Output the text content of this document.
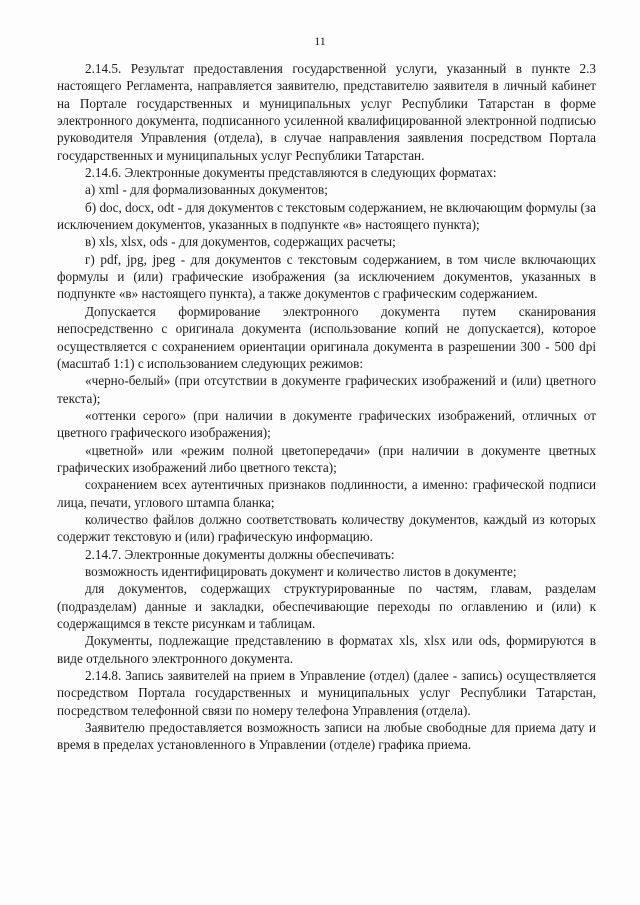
11

2.14.5. Результат предоставления государственной услуги, указанный в пункте 2.3 настоящего Регламента, направляется заявителю, представителю заявителя в личный кабинет на Портале государственных и муниципальных услуг Республики Татарстан в форме электронного документа, подписанного усиленной квалифицированной электронной подписью руководителя Управления (отдела), в случае направления заявления посредством Портала государственных и муниципальных услуг Республики Татарстан.

2.14.6. Электронные документы представляются в следующих форматах:

а) xml - для формализованных документов;

б) doc, docx, odt - для документов с текстовым содержанием, не включающим формулы (за исключением документов, указанных в подпункте «в» настоящего пункта);

в) xls, xlsx, ods - для документов, содержащих расчеты;

г) pdf, jpg, jpeg - для документов с текстовым содержанием, в том числе включающих формулы и (или) графические изображения (за исключением документов, указанных в подпункте «в» настоящего пункта), а также документов с графическим содержанием.

Допускается формирование электронного документа путем сканирования непосредственно с оригинала документа (использование копий не допускается), которое осуществляется с сохранением ориентации оригинала документа в разрешении 300 - 500 dpi (масштаб 1:1) с использованием следующих режимов:

«черно-белый» (при отсутствии в документе графических изображений и (или) цветного текста);

«оттенки серого» (при наличии в документе графических изображений, отличных от цветного графического изображения);

«цветной» или «режим полной цветопередачи» (при наличии в документе цветных графических изображений либо цветного текста);

сохранением всех аутентичных признаков подлинности, а именно: графической подписи лица, печати, углового штампа бланка;

количество файлов должно соответствовать количеству документов, каждый из которых содержит текстовую и (или) графическую информацию.

2.14.7. Электронные документы должны обеспечивать:

возможность идентифицировать документ и количество листов в документе;

для документов, содержащих структурированные по частям, главам, разделам (подразделам) данные и закладки, обеспечивающие переходы по оглавлению и (или) к содержащимся в тексте рисункам и таблицам.

Документы, подлежащие представлению в форматах xls, xlsx или ods, формируются в виде отдельного электронного документа.

2.14.8. Запись заявителей на прием в Управление (отдел) (далее - запись) осуществляется посредством Портала государственных и муниципальных услуг Республики Татарстан, посредством телефонной связи по номеру телефона Управления (отдела).

Заявителю предоставляется возможность записи на любые свободные для приема дату и время в пределах установленного в Управлении (отделе) графика приема.
